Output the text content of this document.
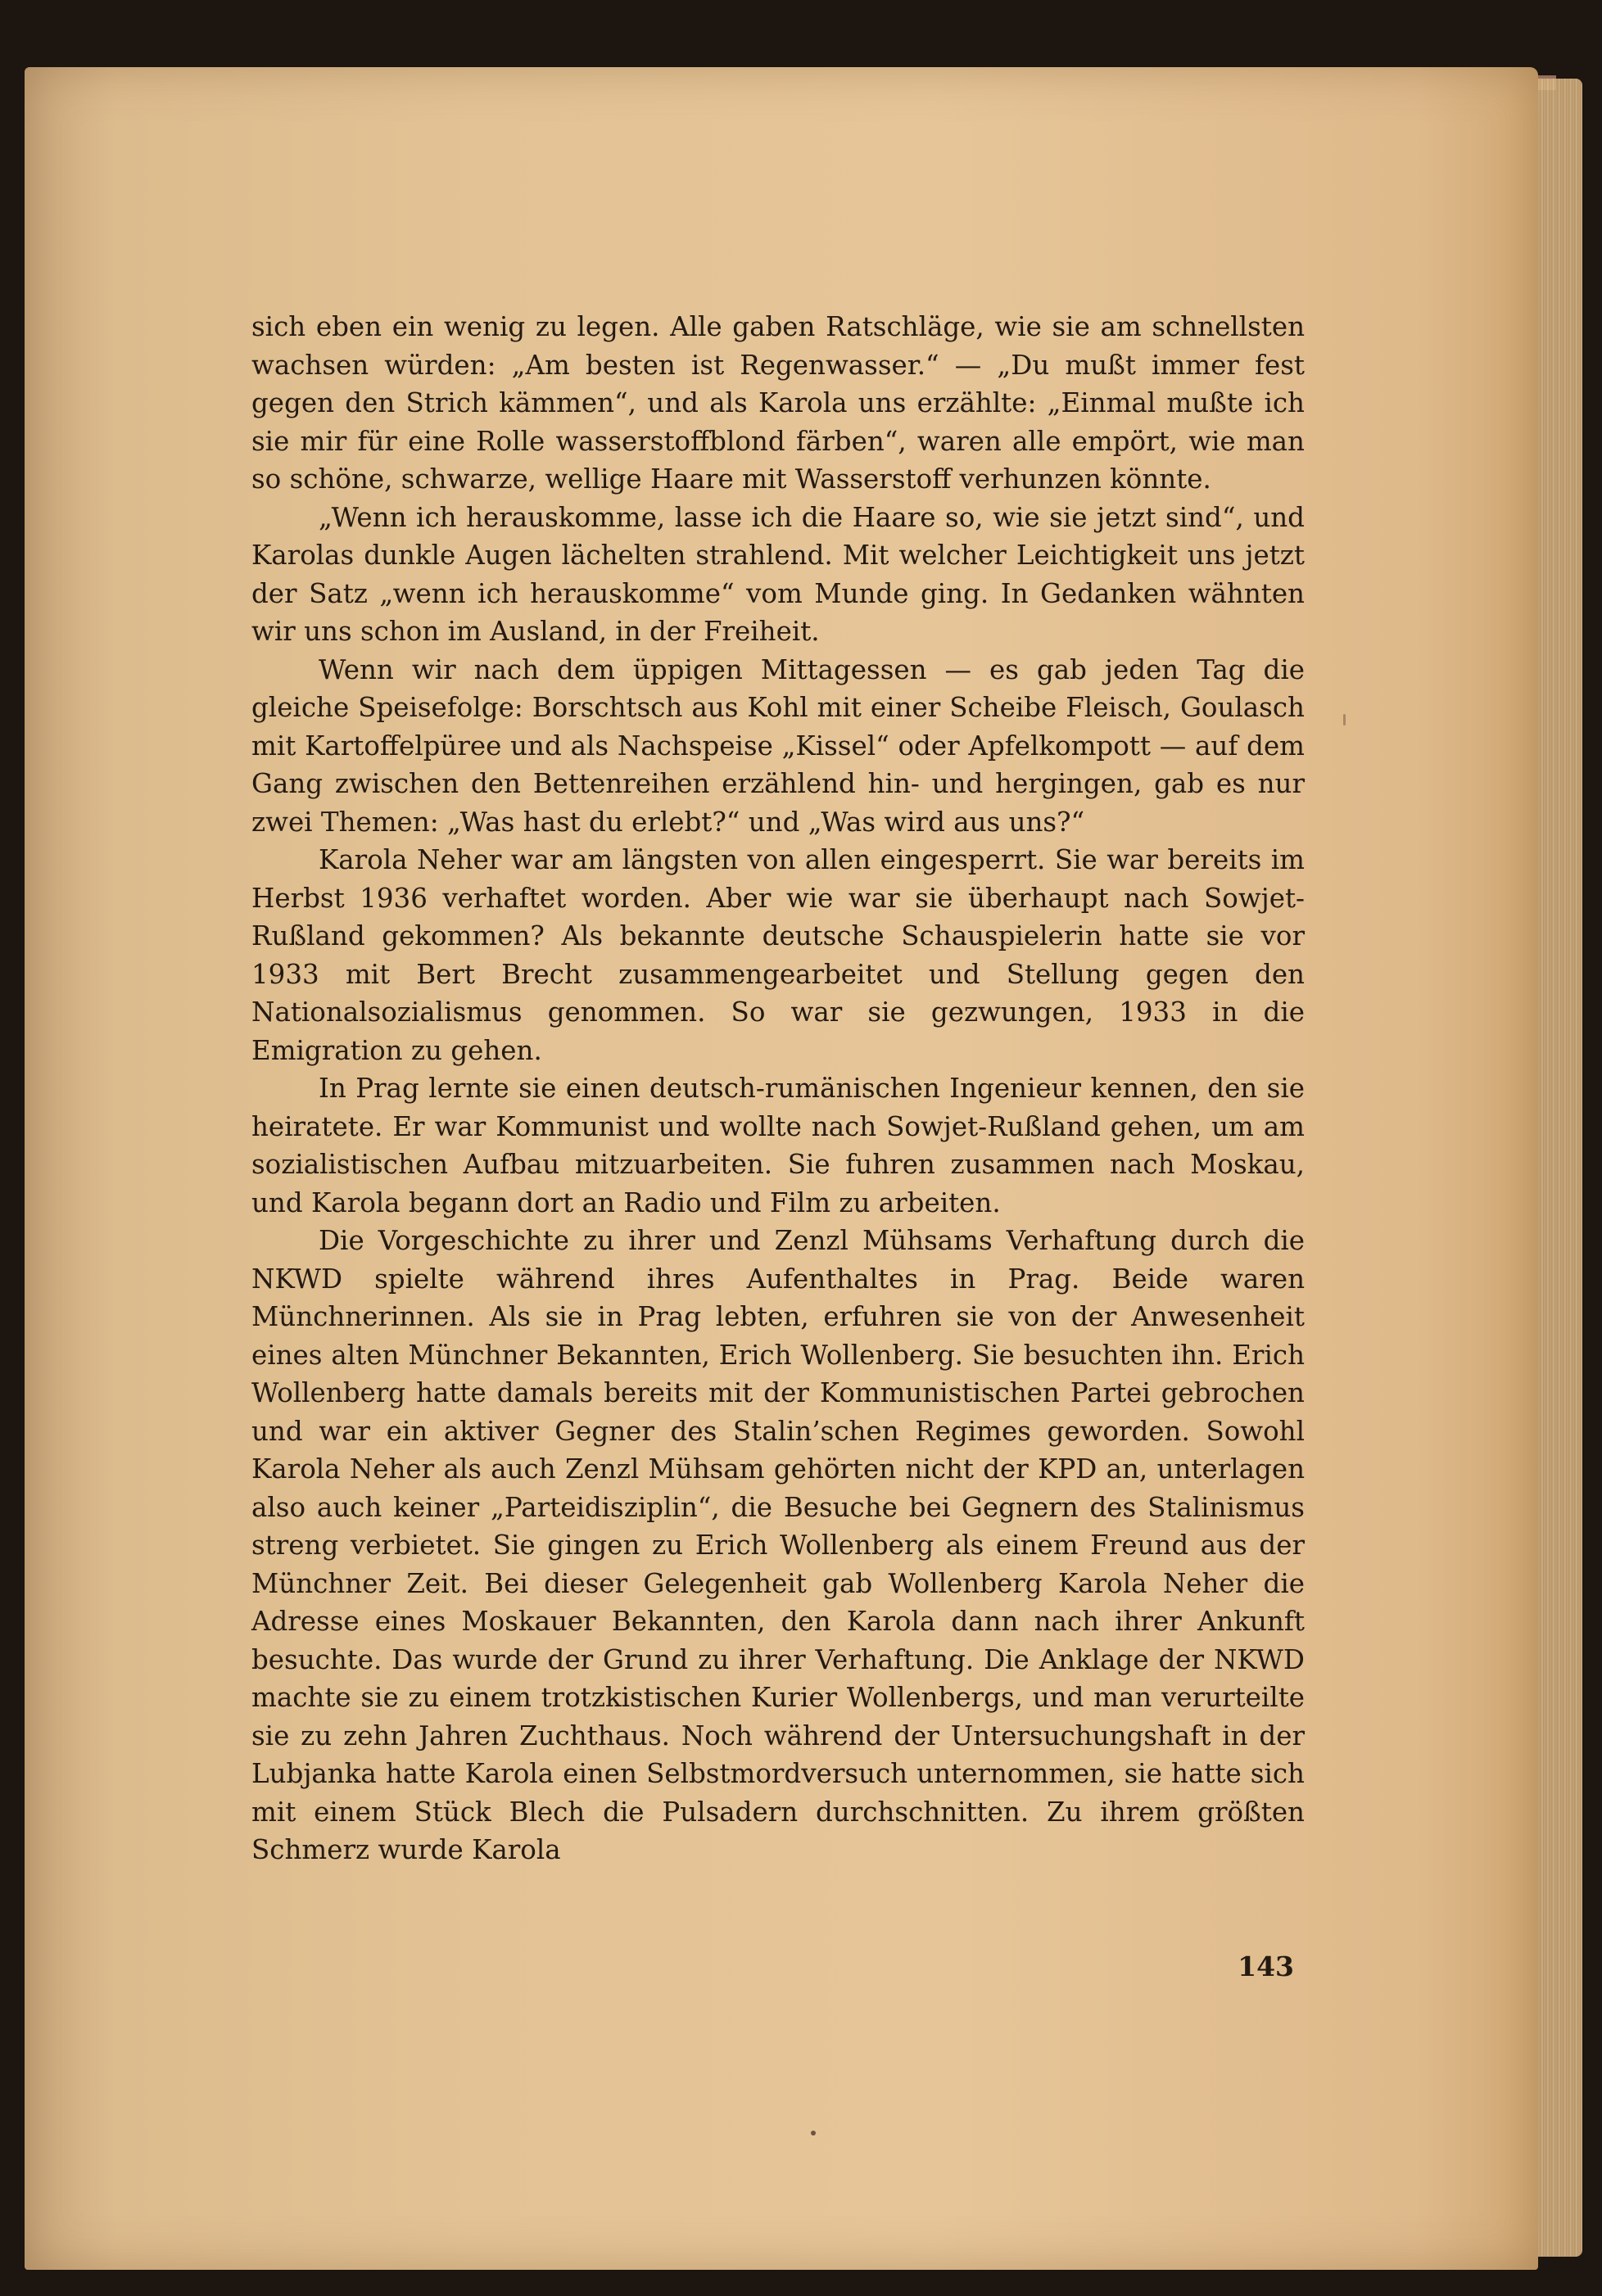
sich eben ein wenig zu legen. Alle gaben Ratschläge, wie sie am schnellsten wachsen würden: „Am besten ist Regenwasser.“ — „Du mußt immer fest gegen den Strich kämmen“, und als Karola uns erzählte: „Einmal mußte ich sie mir für eine Rolle wasserstoffblond färben“, waren alle empört, wie man so schöne, schwarze, wellige Haare mit Wasserstoff verhunzen könnte.

„Wenn ich herauskomme, lasse ich die Haare so, wie sie jetzt sind“, und Karolas dunkle Augen lächelten strahlend. Mit welcher Leichtigkeit uns jetzt der Satz „wenn ich herauskomme“ vom Munde ging. In Gedanken wähnten wir uns schon im Ausland, in der Freiheit.

Wenn wir nach dem üppigen Mittagessen — es gab jeden Tag die gleiche Speisefolge: Borschtsch aus Kohl mit einer Scheibe Fleisch, Goulasch mit Kartoffelpüree und als Nachspeise „Kissel“ oder Apfelkompott — auf dem Gang zwischen den Bettenreihen erzählend hin- und hergingen, gab es nur zwei Themen: „Was hast du erlebt?“ und „Was wird aus uns?“

Karola Neher war am längsten von allen eingesperrt. Sie war bereits im Herbst 1936 verhaftet worden. Aber wie war sie überhaupt nach Sowjet-Rußland gekommen? Als bekannte deutsche Schauspielerin hatte sie vor 1933 mit Bert Brecht zusammengearbeitet und Stellung gegen den Nationalsozialismus genommen. So war sie gezwungen, 1933 in die Emigration zu gehen.

In Prag lernte sie einen deutsch-rumänischen Ingenieur kennen, den sie heiratete. Er war Kommunist und wollte nach Sowjet-Rußland gehen, um am sozialistischen Aufbau mitzuarbeiten. Sie fuhren zusammen nach Moskau, und Karola begann dort an Radio und Film zu arbeiten.

Die Vorgeschichte zu ihrer und Zenzl Mühsams Verhaftung durch die NKWD spielte während ihres Aufenthaltes in Prag. Beide waren Münchnerinnen. Als sie in Prag lebten, erfuhren sie von der Anwesenheit eines alten Münchner Bekannten, Erich Wollenberg. Sie besuchten ihn. Erich Wollenberg hatte damals bereits mit der Kommunistischen Partei gebrochen und war ein aktiver Gegner des Stalin’schen Regimes geworden. Sowohl Karola Neher als auch Zenzl Mühsam gehörten nicht der KPD an, unterlagen also auch keiner „Parteidisziplin“, die Besuche bei Gegnern des Stalinismus streng verbietet. Sie gingen zu Erich Wollenberg als einem Freund aus der Münchner Zeit. Bei dieser Gelegenheit gab Wollenberg Karola Neher die Adresse eines Moskauer Bekannten, den Karola dann nach ihrer Ankunft besuchte. Das wurde der Grund zu ihrer Verhaftung. Die Anklage der NKWD machte sie zu einem trotzkistischen Kurier Wollenbergs, und man verurteilte sie zu zehn Jahren Zuchthaus. Noch während der Untersuchungshaft in der Lubjanka hatte Karola einen Selbstmordversuch unternommen, sie hatte sich mit einem Stück Blech die Pulsadern durchschnitten. Zu ihrem größten Schmerz wurde Karola

143
